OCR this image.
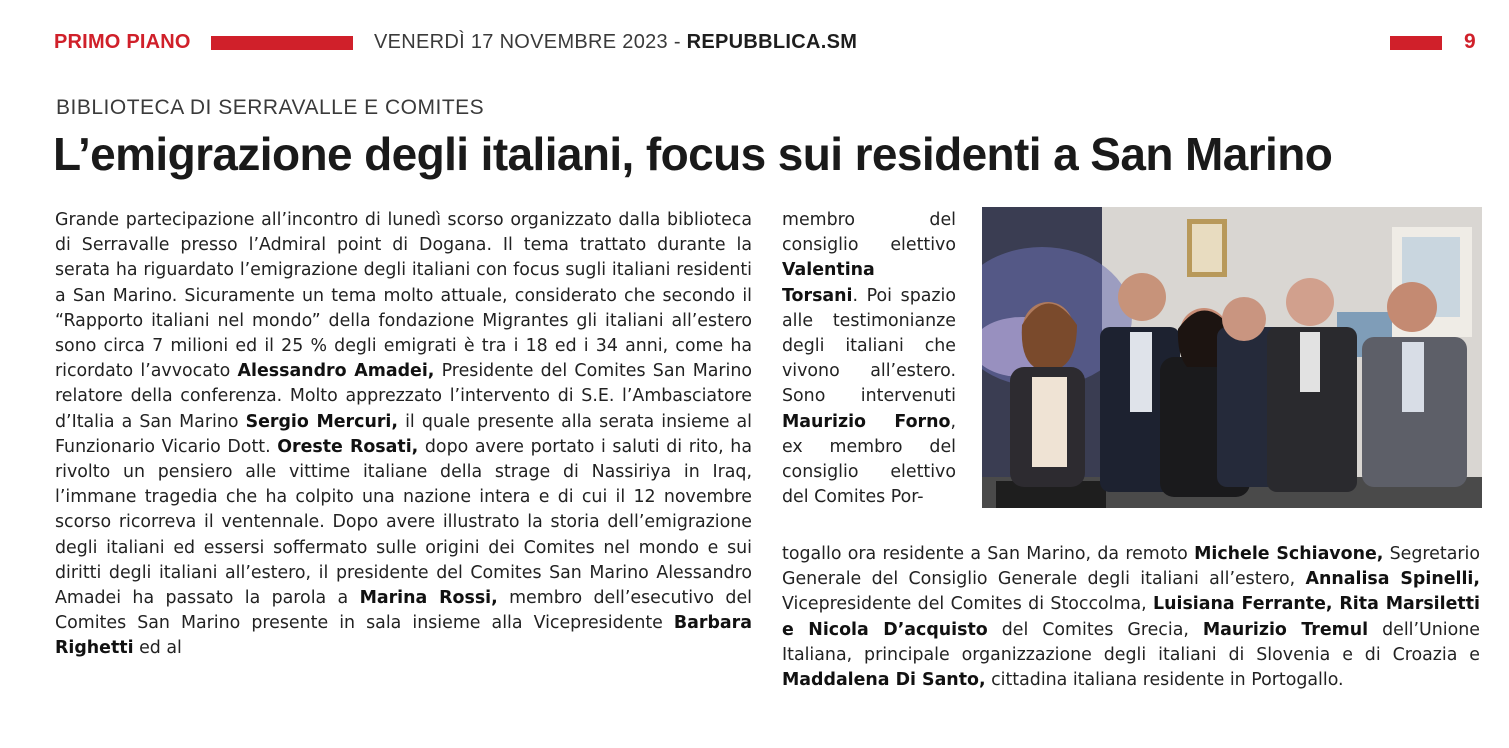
PRIMO PIANO	VENERDÌ 17 NOVEMBRE 2023 - REPUBBLICA.SM	9
BIBLIOTECA DI SERRAVALLE E COMITES
L’emigrazione degli italiani, focus sui residenti a San Marino
Grande partecipazione all’incontro di lunedì scorso organizzato dalla biblioteca di Serravalle presso l’Admiral point di Dogana. Il tema trattato durante la serata ha riguardato l’emigrazione degli italiani con focus sugli italiani residenti a San Marino. Sicuramente un tema molto attuale, considerato che secondo il “Rapporto italiani nel mondo” della fondazione Migrantes gli italiani all’estero sono circa 7 milioni ed il 25 % degli emigrati è tra i 18 ed i 34 anni, come ha ricordato l’avvocato Alessandro Amadei, Presidente del Comites San Marino relatore della conferenza. Molto apprezzato l’intervento di S.E. l’Ambasciatore d’Italia a San Marino Sergio Mercuri, il quale presente alla serata insieme al Funzionario Vicario Dott. Oreste Rosati, dopo avere portato i saluti di rito, ha rivolto un pensiero alle vittime italiane della strage di Nassiriya in Iraq, l’immane tragedia che ha colpito una nazione intera e di cui il 12 novembre scorso ricorreva il ventennale. Dopo avere illustrato la storia dell’emigrazione degli italiani ed essersi soffermato sulle origini dei Comites nel mondo e sui diritti degli italiani all’estero, il presidente del Comites San Marino Alessandro Amadei ha passato la parola a Marina Rossi, membro dell’esecutivo del Comites San Marino presente in sala insieme alla Vicepresidente Barbara Righetti ed al
membro del consiglio elettivo Valentina Torsani. Poi spazio alle testimonianze degli italiani che vivono all’estero. Sono intervenuti Maurizio Forno, ex membro del consiglio elettivo del Comites Por-
togallo ora residente a San Marino, da remoto Michele Schiavone, Segretario Generale del Consiglio Generale degli italiani all’estero, Annalisa Spinelli, Vicepresidente del Comites di Stoccolma, Luisiana Ferrante, Rita Marsiletti e Nicola D’acquisto del Comites Grecia, Maurizio Tremul dell’Unione Italiana, principale organizzazione degli italiani di Slovenia e di Croazia e Maddalena Di Santo, cittadina italiana residente in Portogallo.
